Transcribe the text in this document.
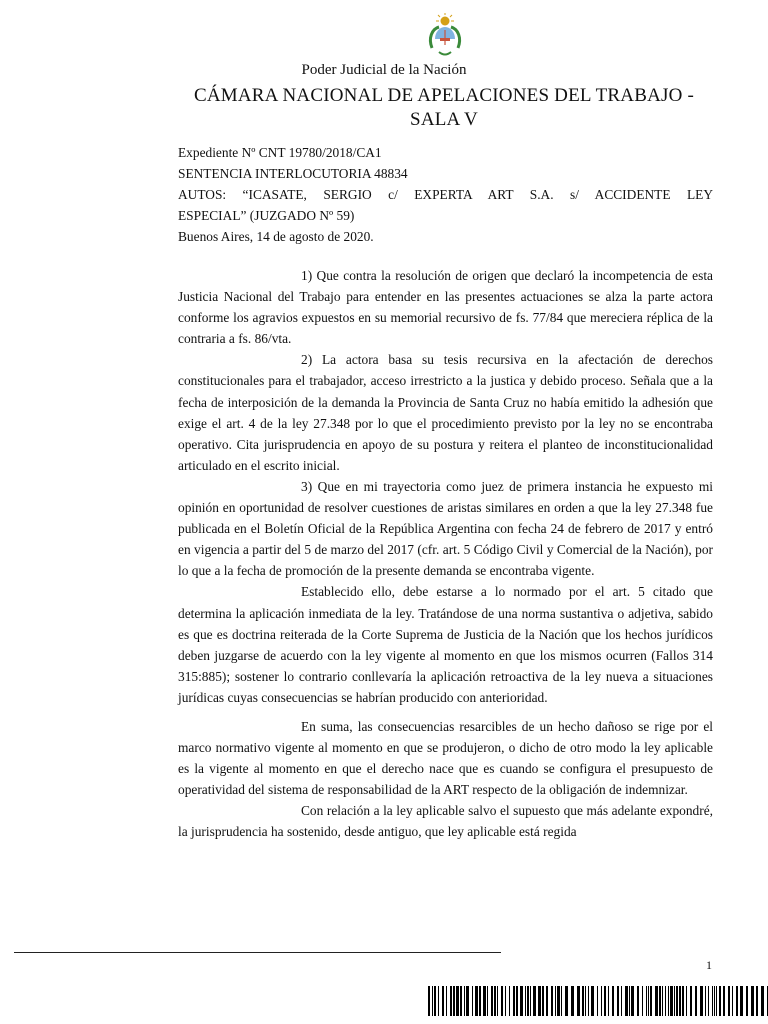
Poder Judicial de la Nación
CÁMARA NACIONAL DE APELACIONES DEL TRABAJO - SALA V
Expediente Nº CNT 19780/2018/CA1
SENTENCIA INTERLOCUTORIA 48834
AUTOS: “ICASATE, SERGIO c/ EXPERTA ART S.A. s/ ACCIDENTE LEY
ESPECIAL” (JUZGADO Nº 59)
Buenos Aires, 14 de agosto de 2020.

1) Que contra la resolución de origen que declaró la incompetencia de esta Justicia Nacional del Trabajo para entender en las presentes actuaciones se alza la parte actora conforme los agravios expuestos en su memorial recursivo de fs. 77/84 que mereciera réplica de la contraria a fs. 86/vta.

2) La actora basa su tesis recursiva en la afectación de derechos constitucionales para el trabajador, acceso irrestricto a la justica y debido proceso. Señala que a la fecha de interposición de la demanda la Provincia de Santa Cruz no había emitido la adhesión que exige el art. 4 de la ley 27.348 por lo que el procedimiento previsto por la ley no se encontraba operativo. Cita jurisprudencia en apoyo de su postura y reitera el planteo de inconstitucionalidad articulado en el escrito inicial.

3) Que en mi trayectoria como juez de primera instancia he expuesto mi opinión en oportunidad de resolver cuestiones de aristas similares en orden a que la ley 27.348 fue publicada en el Boletín Oficial de la República Argentina con fecha 24 de febrero de 2017 y entró en vigencia a partir del 5 de marzo del 2017 (cfr. art. 5 Código Civil y Comercial de la Nación), por lo que a la fecha de promoción de la presente demanda se encontraba vigente.

Establecido ello, debe estarse a lo normado por el art. 5 citado que determina la aplicación inmediata de la ley. Tratándose de una norma sustantiva o adjetiva, sabido es que es doctrina reiterada de la Corte Suprema de Justicia de la Nación que los hechos jurídicos deben juzgarse de acuerdo con la ley vigente al momento en que los mismos ocurren (Fallos 314 315:885); sostener lo contrario conllevaría la aplicación retroactiva de la ley nueva a situaciones jurídicas cuyas consecuencias se habrían producido con anterioridad.

En suma, las consecuencias resarcibles de un hecho dañoso se rige por el marco normativo vigente al momento en que se produjeron, o dicho de otro modo la ley aplicable es la vigente al momento en que el derecho nace que es cuando se configura el presupuesto de operatividad del sistema de responsabilidad de la ART respecto de la obligación de indemnizar.

Con relación a la ley aplicable salvo el supuesto que más adelante expondré, la jurisprudencia ha sostenido, desde antiguo, que ley aplicable está regida

1
